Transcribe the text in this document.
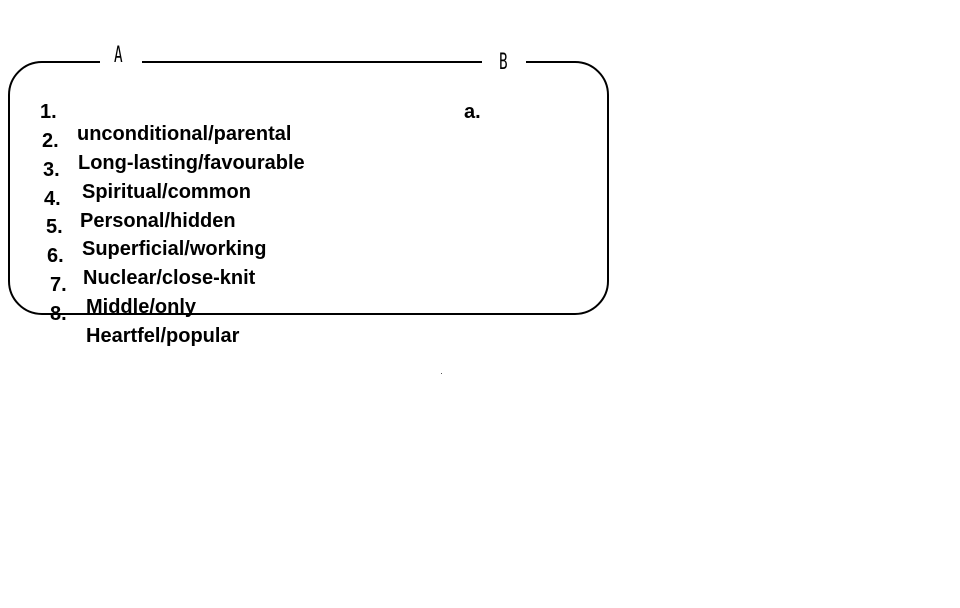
A	B

1.

unconditional/parental

2.

Long-lasting/favourable

3.

Spiritual/common

4.

Personal/hidden

5.

Superficial/working

6.

Nuclear/close-knit

7.

Middle/only

8.

Heartfel/popular

a.
